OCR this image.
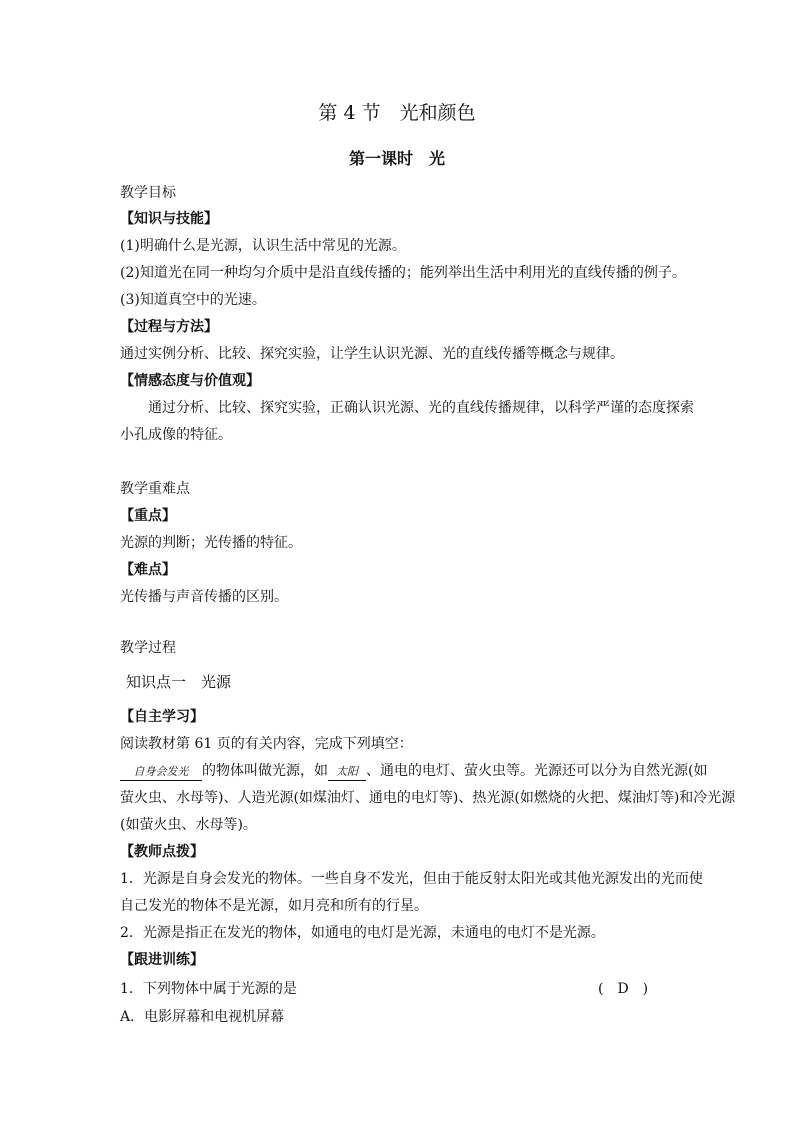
第 4 节　光和颜色
第一课时　光
教学目标
【知识与技能】
(1)明确什么是光源，认识生活中常见的光源。
(2)知道光在同一种均匀介质中是沿直线传播的；能列举出生活中利用光的直线传播的例子。
(3)知道真空中的光速。
【过程与方法】
通过实例分析、比较、探究实验，让学生认识光源、光的直线传播等概念与规律。
【情感态度与价值观】
通过分析、比较、探究实验，正确认识光源、光的直线传播规律，以科学严谨的态度探索小孔成像的特征。
教学重难点
【重点】
光源的判断；光传播的特征。
【难点】
光传播与声音传播的区别。
教学过程
知识点一　光源
【自主学习】
阅读教材第 61 页的有关内容，完成下列填空：
自身会发光 的物体叫做光源，如 太阳 、通电的电灯、萤火虫等。光源还可以分为自然光源(如
萤火虫、水母等)、人造光源(如煤油灯、通电的电灯等)、热光源(如燃烧的火把、煤油灯等)和冷光源
(如萤火虫、水母等)。
【教师点拨】
1．光源是自身会发光的物体。一些自身不发光，但由于能反射太阳光或其他光源发出的光而使
自己发光的物体不是光源，如月亮和所有的行星。
2．光源是指正在发光的物体，如通电的电灯是光源，未通电的电灯不是光源。
【跟进训练】
1．下列物体中属于光源的是	(　D　)
A．电影屏幕和电视机屏幕
